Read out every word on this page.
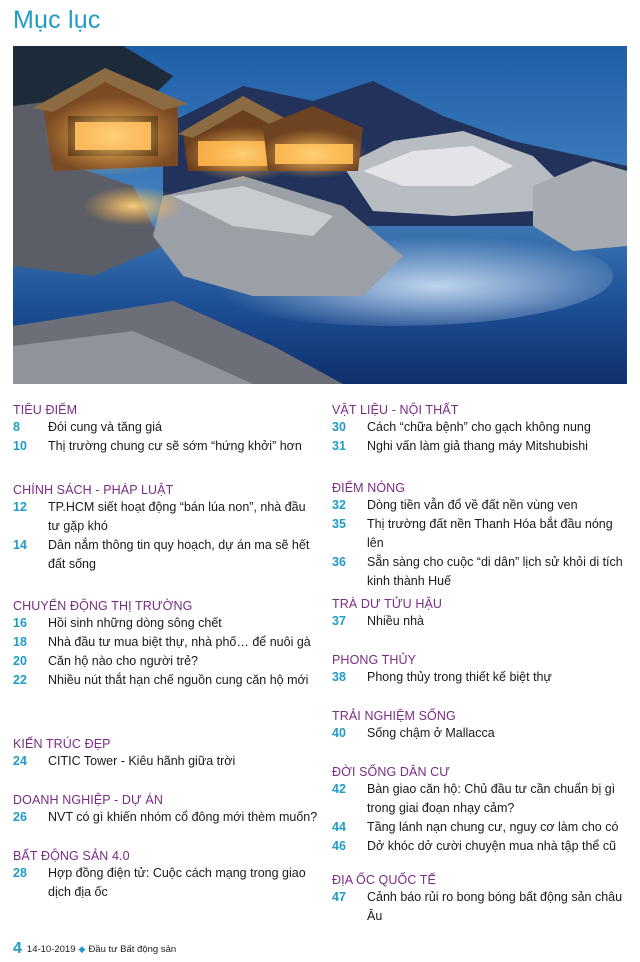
Mục lục
TIÊU ĐIỂM
8	Đói cung và tăng giá
10	Thị trường chung cư sẽ sớm “hứng khởi” hơn
CHÍNH SÁCH - PHÁP LUẬT
12	TP.HCM siết hoạt động “bán lúa non”, nhà đầu tư gặp khó
14	Dân nắm thông tin quy hoạch, dự án ma sẽ hết đất sống
CHUYỂN ĐỘNG THỊ TRƯỜNG
16	Hồi sinh những dòng sông chết
18	Nhà đầu tư mua biệt thự, nhà phố… để nuôi gà
20	Căn hộ nào cho người trẻ?
22	Nhiều nút thắt hạn chế nguồn cung căn hộ mới
KIẾN TRÚC ĐẸP
24	CITIC Tower - Kiêu hãnh giữa trời
DOANH NGHIỆP - DỰ ÁN
26	NVT có gì khiến nhóm cổ đông mới thèm muốn?
BẤT ĐỘNG SẢN 4.0
28	Hợp đồng điện tử: Cuộc cách mạng trong giao dịch địa ốc
VẬT LIỆU - NỘI THẤT
30	Cách “chữa bệnh” cho gạch không nung
31	Nghi vấn làm giả thang máy Mitshubishi
ĐIỂM NÓNG
32	Dòng tiền vẫn đổ về đất nền vùng ven
35	Thị trường đất nền Thanh Hóa bắt đầu nóng lên
36	Sẵn sàng cho cuộc “di dân” lịch sử khỏi di tích kinh thành Huế
TRÀ DƯ TỬU HẬU
37	Nhiều nhà
PHONG THỦY
38	Phong thủy trong thiết kế biệt thự
TRẢI NGHIỆM SỐNG
40	Sống chậm ở Mallacca
ĐỜI SỐNG DÂN CƯ
42	Bàn giao căn hộ: Chủ đầu tư cần chuẩn bị gì trong giai đoạn nhạy cảm?
44	Tầng lánh nạn chung cư, nguy cơ làm cho có
46	Dở khóc dở cười chuyện mua nhà tập thể cũ
ĐỊA ỐC QUỐC TẾ
47	Cảnh báo rủi ro bong bóng bất động sản châu Âu
4 14-10-2019 ◆ Đầu tư Bất động sản
